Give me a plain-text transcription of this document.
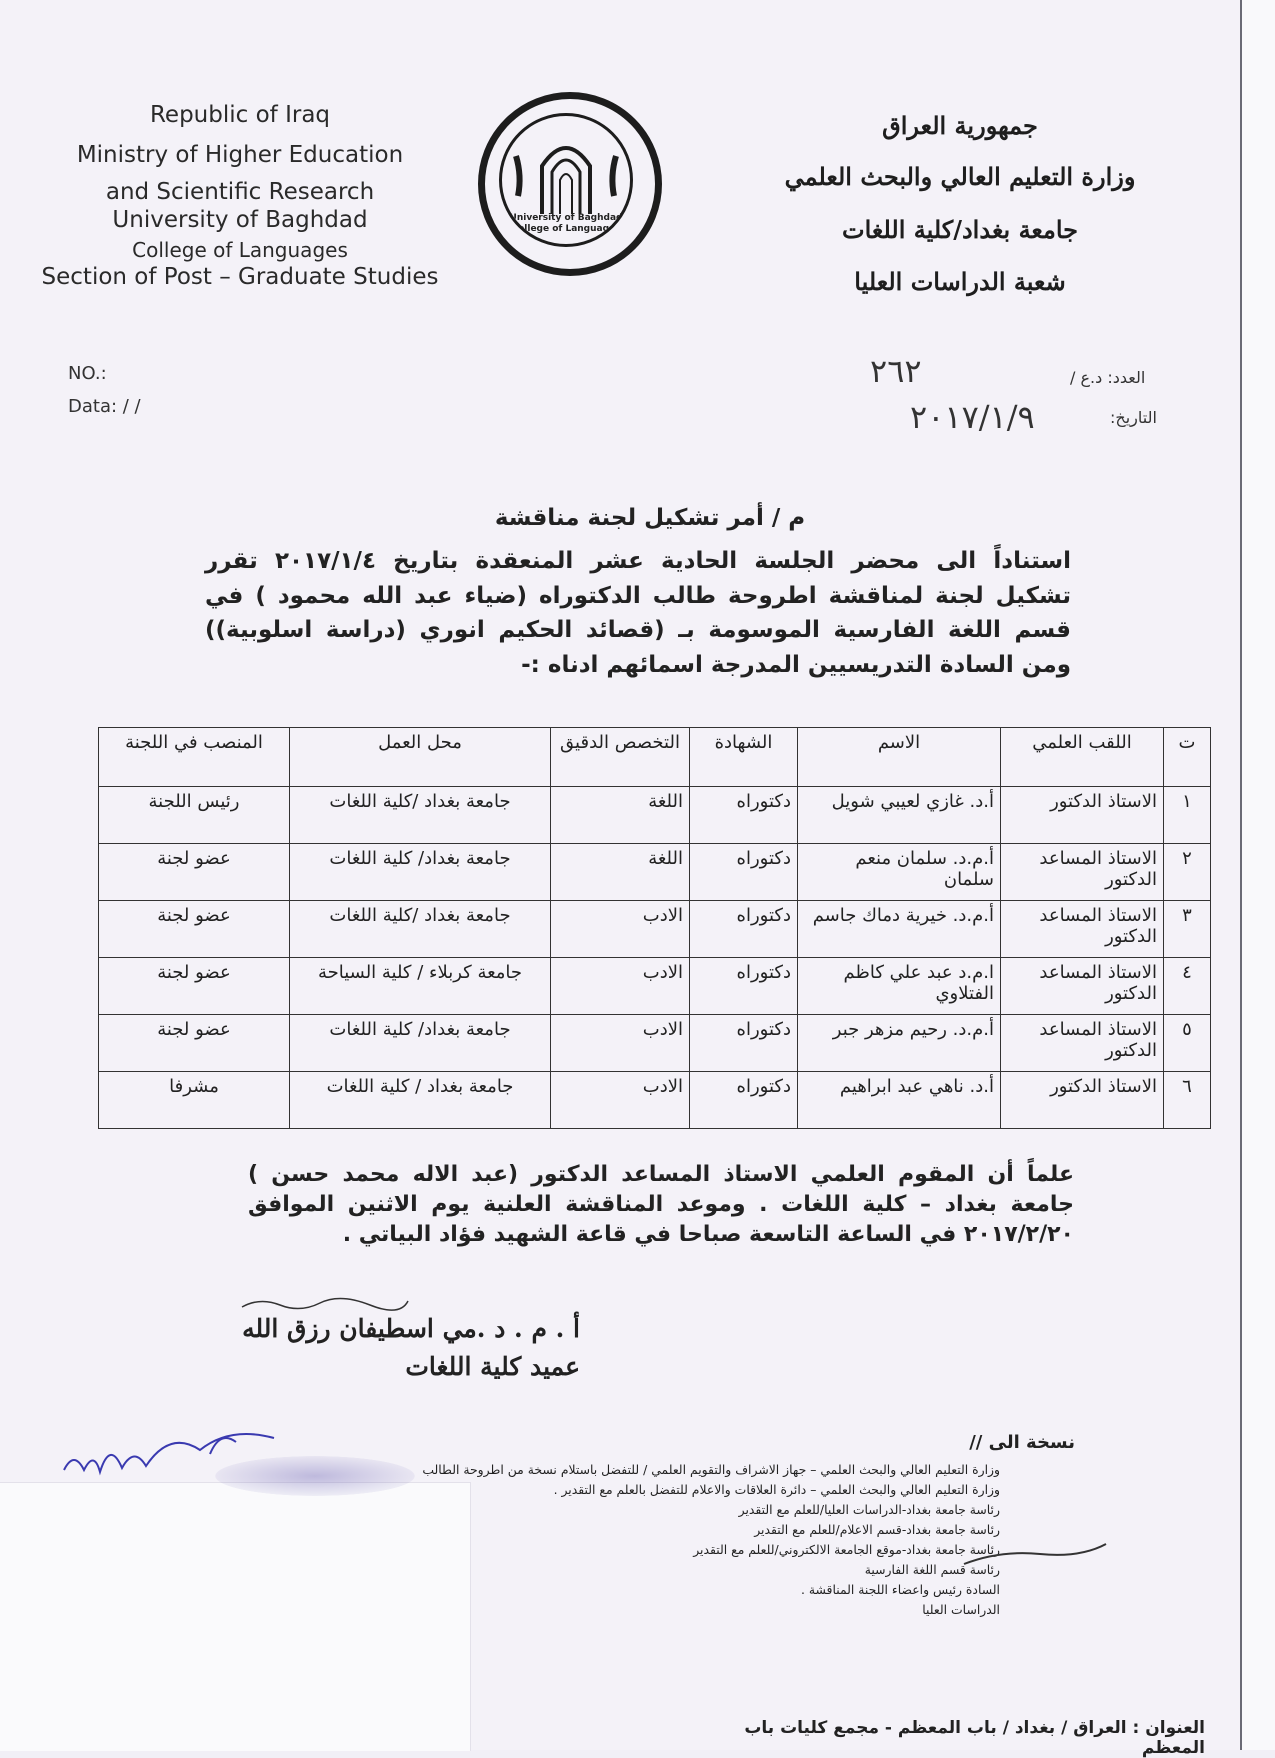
Republic of Iraq
Ministry of Higher Education
and Scientific Research
University of Baghdad
College of Languages
Section of Post – Graduate Studies
University of Baghdad
College of Languages
جمهورية العراق
وزارة التعليم العالي والبحث العلمي
جامعة بغداد/كلية اللغات
شعبة الدراسات العليا
NO.:
Data: / /
العدد: د.ع /
التاريخ:
٢٦٢
٢٠١٧/١/٩
م / أمر تشكيل لجنة مناقشة
استناداً الى محضر الجلسة الحادية عشر المنعقدة بتاريخ ٢٠١٧/١/٤ تقرر تشكيل لجنة لمناقشة اطروحة طالب الدكتوراه (ضياء عبد الله محمود ) في قسم اللغة الفارسية الموسومة بـ (قصائد الحكيم انوري (دراسة اسلوبية)) ومن السادة التدريسيين المدرجة اسمائهم ادناه :-
ت	اللقب العلمي	الاسم	الشهادة	التخصص الدقيق	محل العمل	المنصب في اللجنة
١	الاستاذ الدكتور	أ.د. غازي لعيبي شويل	دكتوراه	اللغة	جامعة بغداد /كلية اللغات	رئيس اللجنة
٢	الاستاذ المساعد الدكتور	أ.م.د. سلمان منعم سلمان	دكتوراه	اللغة	جامعة بغداد/ كلية اللغات	عضو لجنة
٣	الاستاذ المساعد الدكتور	أ.م.د. خيرية دماك جاسم	دكتوراه	الادب	جامعة بغداد /كلية اللغات	عضو لجنة
٤	الاستاذ المساعد الدكتور	ا.م.د عبد علي كاظم الفتلاوي	دكتوراه	الادب	جامعة كربلاء / كلية السياحة	عضو لجنة
٥	الاستاذ المساعد الدكتور	أ.م.د. رحيم مزهر جبر	دكتوراه	الادب	جامعة بغداد/ كلية اللغات	عضو لجنة
٦	الاستاذ الدكتور	أ.د. ناهي عبد ابراهيم	دكتوراه	الادب	جامعة بغداد / كلية اللغات	مشرفا
علماً أن المقوم العلمي الاستاذ المساعد الدكتور (عبد الاله محمد حسن ) جامعة بغداد – كلية اللغات . وموعد المناقشة العلنية يوم الاثنين الموافق ٢٠١٧/٢/٢٠ في الساعة التاسعة صباحا في قاعة الشهيد فؤاد البياتي .
أ . م . د .مي اسطيفان رزق الله
عميد كلية اللغات
نسخة الى //
وزارة التعليم العالي والبحث العلمي – جهاز الاشراف والتقويم العلمي / للتفضل باستلام نسخة من اطروحة الطالب
وزارة التعليم العالي والبحث العلمي – دائرة العلاقات والاعلام للتفضل بالعلم مع التقدير .
رئاسة جامعة بغداد-الدراسات العليا/للعلم مع التقدير
رئاسة جامعة بغداد-قسم الاعلام/للعلم مع التقدير
رئاسة جامعة بغداد-موقع الجامعة الالكتروني/للعلم مع التقدير
رئاسة قسم اللغة الفارسية
السادة رئيس واعضاء اللجنة المناقشة .
الدراسات العليا
العنوان : العراق / بغداد / باب المعظم - مجمع كليات باب المعظم
